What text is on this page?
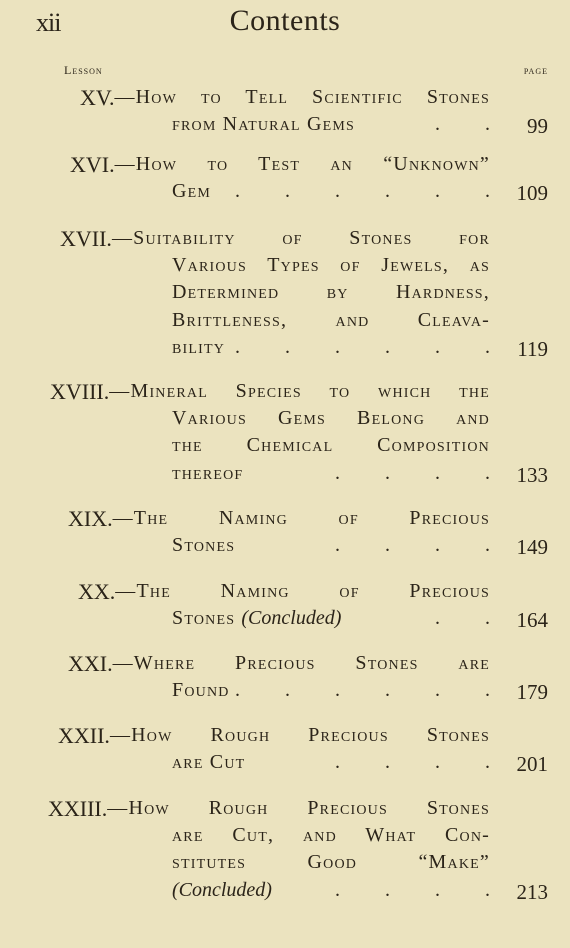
xii	Contents
Lesson	page
XV. —How to Tell Scientific Stones
from Natural Gems	. . 99
XVI. —How to Test an “Unknown”
Gem . . . . . . 109
XVII. —Suitability of Stones for
Various Types of Jewels, as
Determined by Hardness,
Brittleness, and Cleava-
bility . . . . . . 119
XVIII. —Mineral Species to which the
Various Gems Belong and
the Chemical Composition
thereof	. . . . 133
XIX. —The Naming of Precious
Stones	. . . . 149
XX. —The Naming of Precious
Stones (Concluded)	. . 164
XXI. —Where Precious Stones are
Found . . . . . . 179
XXII. —How Rough Precious Stones
are Cut	. . . . 201
XXIII. —How Rough Precious Stones
are Cut, and What Con-
stitutes Good “Make”
(Concluded)	. . . . 213
